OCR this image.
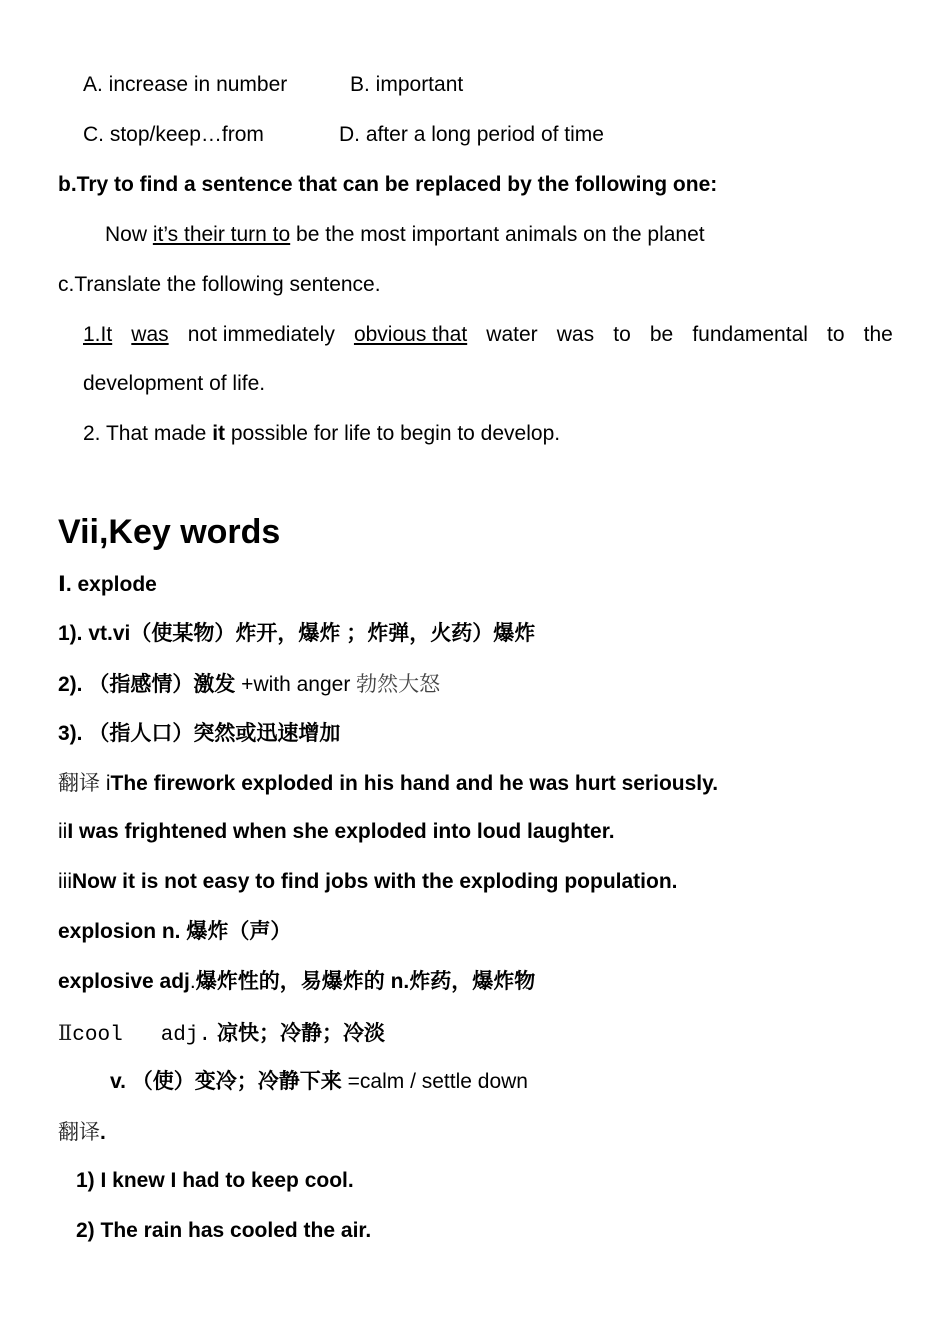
A. increase in number	B. important
C. stop/keep…from	D. after a long period of time
b.Try to find a sentence that can be replaced by the following one:
Now it’s their turn to be the most important animals on the planet
c.Translate the following sentence.
1.It was not immediately obvious that water was to be fundamental to the
development of life.
2. That made it possible for life to begin to develop.
Vii,Key words
Ⅰ. explode
1). vt.vi（使某物）炸开，爆炸 ；炸弹，火药）爆炸
2). （指感情）激发 +with anger 勃然大怒
3). （指人口）突然或迅速增加
翻译 iThe firework exploded in his hand and he was hurt seriously.
iiI was frightened when she exploded into loud laughter.
iiiNow it is not easy to find jobs with the exploding population.
explosion n. 爆炸（声）
explosive adj.爆炸性的，易爆炸的 n.炸药，爆炸物
Ⅱcool adj. 凉快；冷静；冷淡
v. （使）变冷；冷静下来 =calm / settle down
翻译.
1) I knew I had to keep cool.
2) The rain has cooled the air.
